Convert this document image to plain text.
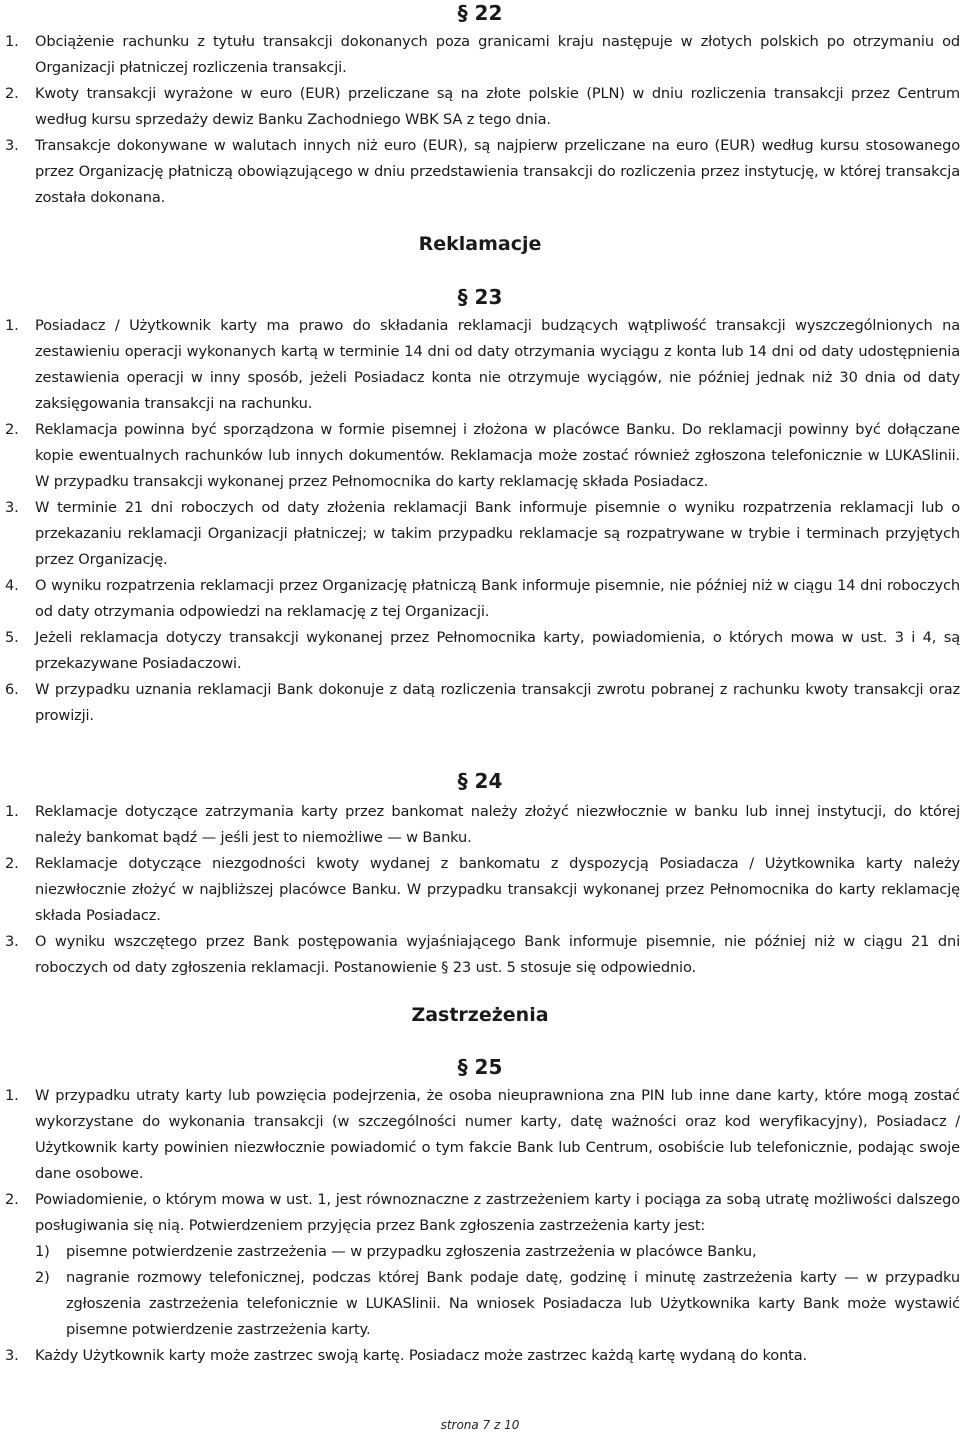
§ 22
1. Obciążenie rachunku z tytułu transakcji dokonanych poza granicami kraju następuje w złotych polskich po otrzymaniu od Organizacji płatniczej rozliczenia transakcji.
2. Kwoty transakcji wyrażone w euro (EUR) przeliczane są na złote polskie (PLN) w dniu rozliczenia transakcji przez Centrum według kursu sprzedaży dewiz Banku Zachodniego WBK SA z tego dnia.
3. Transakcje dokonywane w walutach innych niż euro (EUR), są najpierw przeliczane na euro (EUR) według kursu stosowanego przez Organizację płatniczą obowiązującego w dniu przedstawienia transakcji do rozliczenia przez instytucję, w której transakcja została dokonana.
Reklamacje
§ 23
1. Posiadacz / Użytkownik karty ma prawo do składania reklamacji budzących wątpliwość transakcji wyszczególnionych na zestawieniu operacji wykonanych kartą w terminie 14 dni od daty otrzymania wyciągu z konta lub 14 dni od daty udostępnienia zestawienia operacji w inny sposób, jeżeli Posiadacz konta nie otrzymuje wyciągów, nie później jednak niż 30 dnia od daty zaksięgowania transakcji na rachunku.
2. Reklamacja powinna być sporządzona w formie pisemnej i złożona w placówce Banku. Do reklamacji powinny być dołączane kopie ewentualnych rachunków lub innych dokumentów. Reklamacja może zostać również zgłoszona telefonicznie w LUKASlinii. W przypadku transakcji wykonanej przez Pełnomocnika do karty reklamację składa Posiadacz.
3. W terminie 21 dni roboczych od daty złożenia reklamacji Bank informuje pisemnie o wyniku rozpatrzenia reklamacji lub o przekazaniu reklamacji Organizacji płatniczej; w takim przypadku reklamacje są rozpatrywane w trybie i terminach przyjętych przez Organizację.
4. O wyniku rozpatrzenia reklamacji przez Organizację płatniczą Bank informuje pisemnie, nie później niż w ciągu 14 dni roboczych od daty otrzymania odpowiedzi na reklamację z tej Organizacji.
5. Jeżeli reklamacja dotyczy transakcji wykonanej przez Pełnomocnika karty, powiadomienia, o których mowa w ust. 3 i 4, są przekazywane Posiadaczowi.
6. W przypadku uznania reklamacji Bank dokonuje z datą rozliczenia transakcji zwrotu pobranej z rachunku kwoty transakcji oraz prowizji.
§ 24
1. Reklamacje dotyczące zatrzymania karty przez bankomat należy złożyć niezwłocznie w banku lub innej instytucji, do której należy bankomat bądź — jeśli jest to niemożliwe — w Banku.
2. Reklamacje dotyczące niezgodności kwoty wydanej z bankomatu z dyspozycją Posiadacza / Użytkownika karty należy niezwłocznie złożyć w najbliższej placówce Banku. W przypadku transakcji wykonanej przez Pełnomocnika do karty reklamację składa Posiadacz.
3. O wyniku wszczętego przez Bank postępowania wyjaśniającego Bank informuje pisemnie, nie później niż w ciągu 21 dni roboczych od daty zgłoszenia reklamacji. Postanowienie § 23 ust. 5 stosuje się odpowiednio.
Zastrzeżenia
§ 25
1. W przypadku utraty karty lub powzięcia podejrzenia, że osoba nieuprawniona zna PIN lub inne dane karty, które mogą zostać wykorzystane do wykonania transakcji (w szczególności numer karty, datę ważności oraz kod weryfikacyjny), Posiadacz / Użytkownik karty powinien niezwłocznie powiadomić o tym fakcie Bank lub Centrum, osobiście lub telefonicznie, podając swoje dane osobowe.
2. Powiadomienie, o którym mowa w ust. 1, jest równoznaczne z zastrzeżeniem karty i pociąga za sobą utratę możliwości dalszego posługiwania się nią. Potwierdzeniem przyjęcia przez Bank zgłoszenia zastrzeżenia karty jest:
1) pisemne potwierdzenie zastrzeżenia — w przypadku zgłoszenia zastrzeżenia w placówce Banku,
2) nagranie rozmowy telefonicznej, podczas której Bank podaje datę, godzinę i minutę zastrzeżenia karty — w przypadku zgłoszenia zastrzeżenia telefonicznie w LUKASlinii. Na wniosek Posiadacza lub Użytkownika karty Bank może wystawić pisemne potwierdzenie zastrzeżenia karty.
3. Każdy Użytkownik karty może zastrzec swoją kartę. Posiadacz może zastrzec każdą kartę wydaną do konta.
strona 7 z 10
